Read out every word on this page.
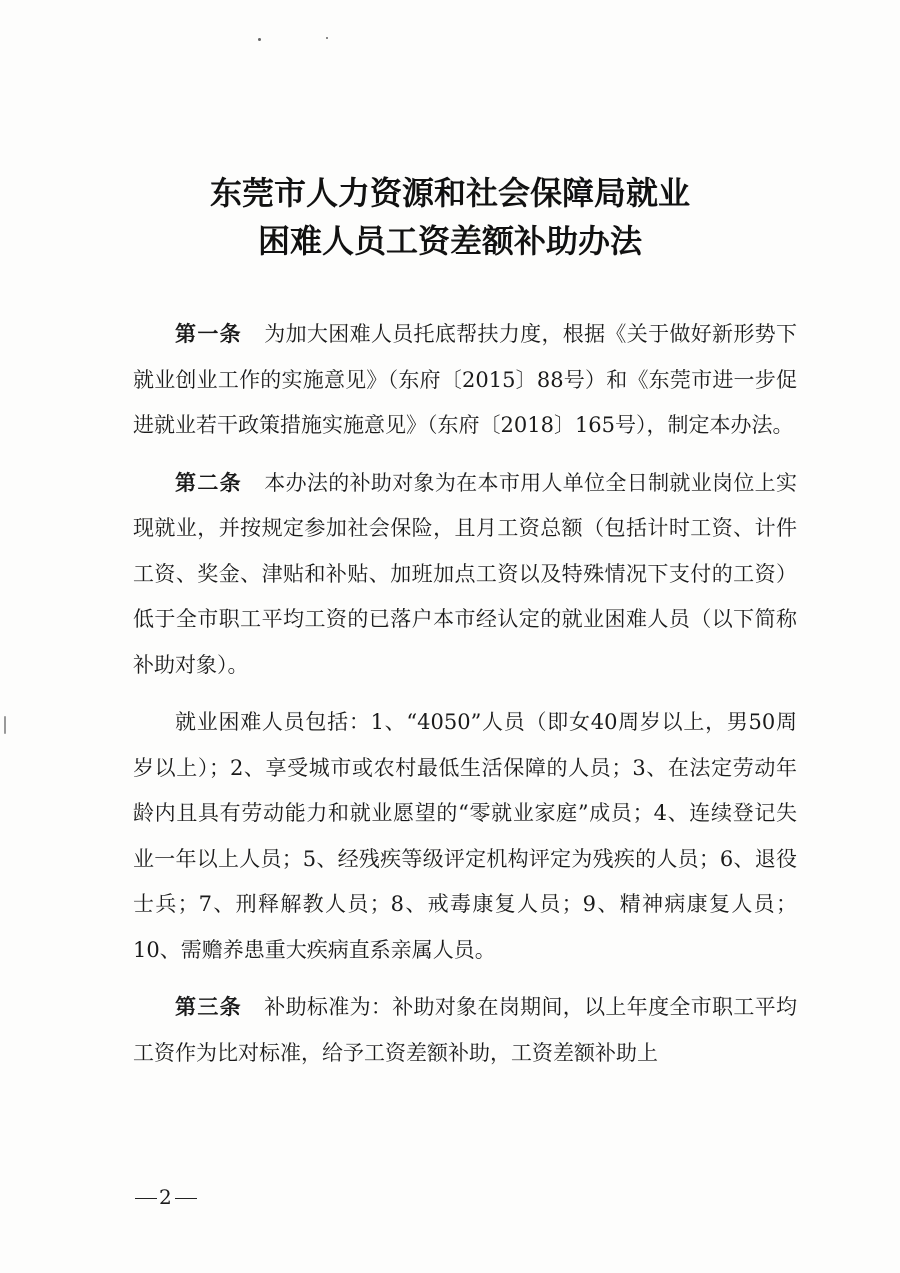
东莞市人力资源和社会保障局就业
困难人员工资差额补助办法

第一条 为加大困难人员托底帮扶力度，根据《关于做好新形势下就业创业工作的实施意见》（东府〔2015〕88号）和《东莞市进一步促进就业若干政策措施实施意见》（东府〔2018〕165号），制定本办法。

第二条 本办法的补助对象为在本市用人单位全日制就业岗位上实现就业，并按规定参加社会保险，且月工资总额（包括计时工资、计件工资、奖金、津贴和补贴、加班加点工资以及特殊情况下支付的工资）低于全市职工平均工资的已落户本市经认定的就业困难人员（以下简称补助对象）。

就业困难人员包括：1、“4050”人员（即女40周岁以上，男50周岁以上）；2、享受城市或农村最低生活保障的人员；3、在法定劳动年龄内且具有劳动能力和就业愿望的“零就业家庭”成员；4、连续登记失业一年以上人员；5、经残疾等级评定机构评定为残疾的人员；6、退役士兵；7、刑释解教人员；8、戒毒康复人员；9、精神病康复人员；10、需赡养患重大疾病直系亲属人员。

第三条 补助标准为：补助对象在岗期间，以上年度全市职工平均工资作为比对标准，给予工资差额补助，工资差额补助上

2
